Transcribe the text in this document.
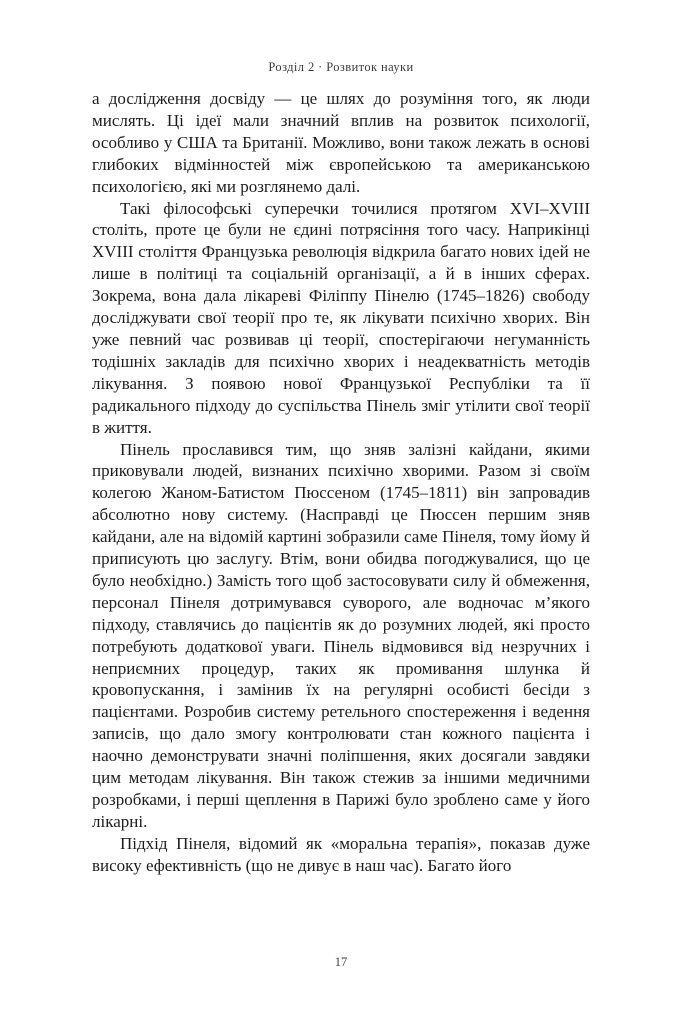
Розділ 2 · Розвиток науки

а дослідження досвіду — це шлях до розуміння того, як люди мислять. Ці ідеї мали значний вплив на розвиток психології, особливо у США та Британії. Можливо, вони також лежать в основі глибоких відмінностей між європейською та американською психологією, які ми розглянемо далі.

Такі філософські суперечки точилися протягом XVI–XVIII століть, проте це були не єдині потрясіння того часу. Наприкінці XVIII століття Французька революція відкрила багато нових ідей не лише в політиці та соціальній організації, а й в інших сферах. Зокрема, вона дала лікареві Філіппу Пінелю (1745–1826) свободу досліджувати свої теорії про те, як лікувати психічно хворих. Він уже певний час розвивав ці теорії, спостерігаючи негуманність тодішніх закладів для психічно хворих і неадекватність методів лікування. З появою нової Французької Республіки та її радикального підходу до суспільства Пінель зміг утілити свої теорії в життя.

Пінель прославився тим, що зняв залізні кайдани, якими приковували людей, визнаних психічно хворими. Разом зі своїм колегою Жаном-Батистом Пюссеном (1745–1811) він запровадив абсолютно нову систему. (Насправді це Пюссен першим зняв кайдани, але на відомій картині зобразили саме Пінеля, тому йому й приписують цю заслугу. Втім, вони обидва погоджувалися, що це було необхідно.) Замість того щоб застосовувати силу й обмеження, персонал Пінеля дотримувався суворого, але водночас м’якого підходу, ставлячись до пацієнтів як до розумних людей, які просто потребують додаткової уваги. Пінель відмовився від незручних і неприємних процедур, таких як промивання шлунка й кровопускання, і замінив їх на регулярні особисті бесіди з пацієнтами. Розробив систему ретельного спостереження і ведення записів, що дало змогу контролювати стан кожного пацієнта і наочно демонструвати значні поліпшення, яких досягали завдяки цим методам лікування. Він також стежив за іншими медичними розробками, і перші щеплення в Парижі було зроблено саме у його лікарні.

Підхід Пінеля, відомий як «моральна терапія», показав дуже високу ефективність (що не дивує в наш час). Багато його

17
